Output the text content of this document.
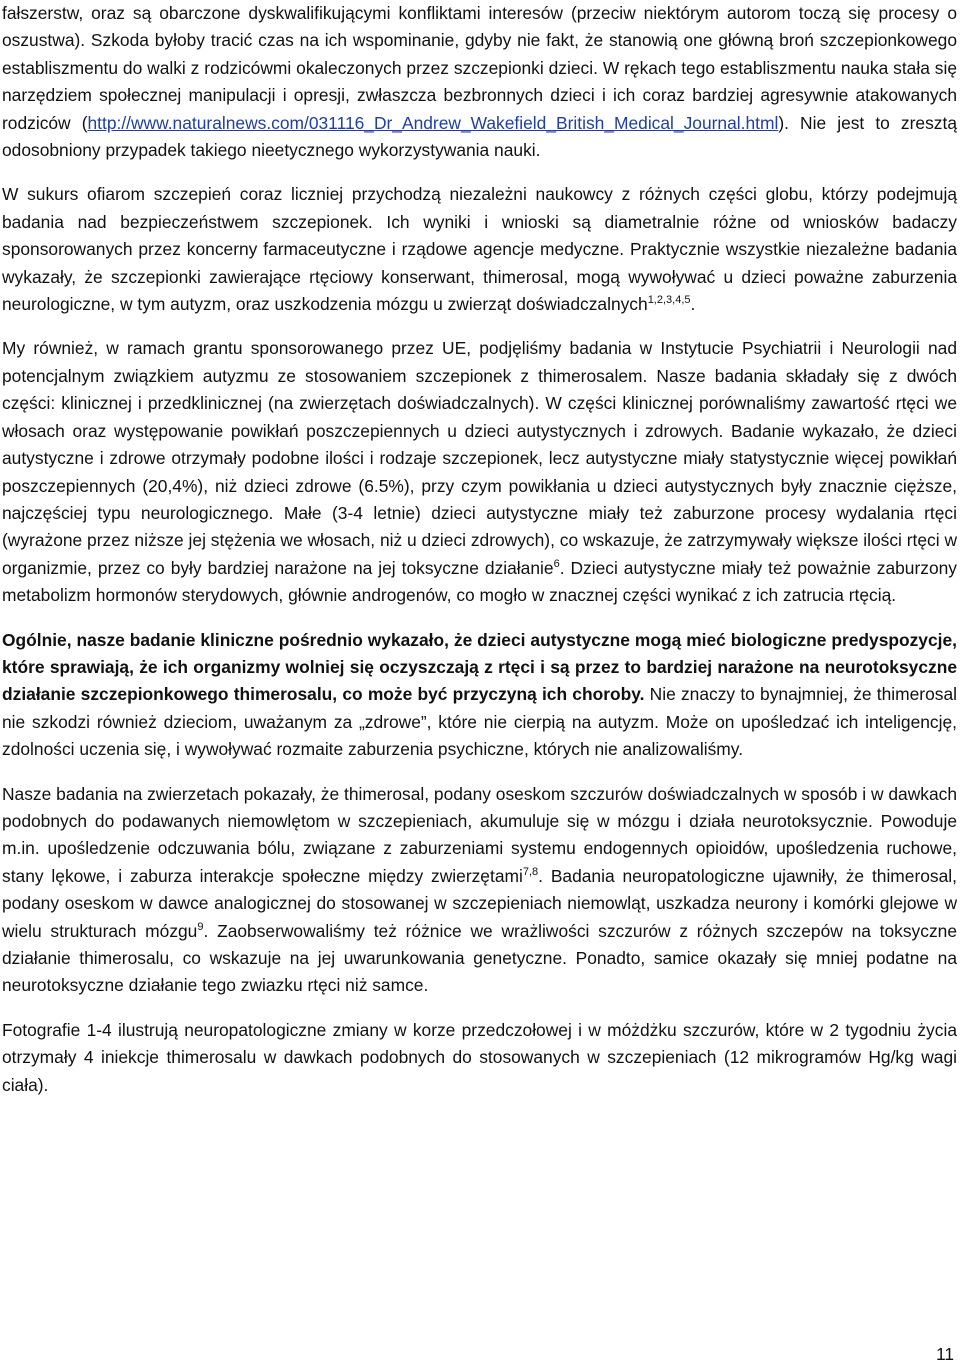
fałszerstw, oraz są obarczone dyskwalifikującymi konfliktami interesów (przeciw niektórym autorom toczą się procesy o oszustwa). Szkoda byłoby tracić czas na ich wspominanie, gdyby nie fakt, że stanowią one główną broń szczepionkowego establiszmentu do walki z rodzicówmi okaleczonych przez szczepionki dzieci. W rękach tego establiszmentu nauka stała się narzędziem społecznej manipulacji i opresji, zwłaszcza bezbronnych dzieci i ich coraz bardziej agresywnie atakowanych rodziców (http://www.naturalnews.com/031116_Dr_Andrew_Wakefield_British_Medical_Journal.html). Nie jest to zresztą odosobniony przypadek takiego nieetycznego wykorzystywania nauki.

W sukurs ofiarom szczepień coraz liczniej przychodzą niezależni naukowcy z różnych części globu, którzy podejmują badania nad bezpieczeństwem szczepionek. Ich wyniki i wnioski są diametralnie różne od wniosków badaczy sponsorowanych przez koncerny farmaceutyczne i rządowe agencje medyczne. Praktycznie wszystkie niezależne badania wykazały, że szczepionki zawierające rtęciowy konserwant, thimerosal, mogą wywoływać u dzieci poważne zaburzenia neurologiczne, w tym autyzm, oraz uszkodzenia mózgu u zwierząt doświadczalnych$^{1,2,3,4,5}$.

My również, w ramach grantu sponsorowanego przez UE, podjęliśmy badania w Instytucie Psychiatrii i Neurologii nad potencjalnym związkiem autyzmu ze stosowaniem szczepionek z thimerosalem. Nasze badania składały się z dwóch części: klinicznej i przedklinicznej (na zwierzętach doświadczalnych). W części klinicznej porównaliśmy zawartość rtęci we włosach oraz występowanie powikłań poszczepiennych u dzieci autystycznych i zdrowych. Badanie wykazało, że dzieci autystyczne i zdrowe otrzymały podobne ilości i rodzaje szczepionek, lecz autystyczne miały statystycznie więcej powikłań poszczepiennych (20,4%), niż dzieci zdrowe (6.5%), przy czym powikłania u dzieci autystycznych były znacznie cięższe, najczęściej typu neurologicznego. Małe (3-4 letnie) dzieci autystyczne miały też zaburzone procesy wydalania rtęci (wyrażone przez niższe jej stężenia we włosach, niż u dzieci zdrowych), co wskazuje, że zatrzymywały większe ilości rtęci w organizmie, przez co były bardziej narażone na jej toksyczne działanie$^6$. Dzieci autystyczne miały też poważnie zaburzony metabolizm hormonów sterydowych, głównie androgenów, co mogło w znacznej części wynikać z ich zatrucia rtęcią.

Ogólnie, nasze badanie kliniczne pośrednio wykazało, że dzieci autystyczne mogą mieć biologiczne predyspozycje, które sprawiają, że ich organizmy wolniej się oczyszczają z rtęci i są przez to bardziej narażone na neurotoksyczne działanie szczepionkowego thimerosalu, co może być przyczyną ich choroby. Nie znaczy to bynajmniej, że thimerosal nie szkodzi również dzieciom, uważanym za „zdrowe”, które nie cierpią na autyzm. Może on upośledzać ich inteligencję, zdolności uczenia się, i wywoływać rozmaite zaburzenia psychiczne, których nie analizowaliśmy.

Nasze badania na zwierzetach pokazały, że thimerosal, podany oseskom szczurów doświadczalnych w sposób i w dawkach podobnych do podawanych niemowlętom w szczepieniach, akumuluje się w mózgu i działa neurotoksycznie. Powoduje m.in. upośledzenie odczuwania bólu, związane z zaburzeniami systemu endogennych opioidów, upośledzenia ruchowe, stany lękowe, i zaburza interakcje społeczne między zwierzętami$^{7,8}$. Badania neuropatologiczne ujawniły, że thimerosal, podany oseskom w dawce analogicznej do stosowanej w szczepieniach niemowląt, uszkadza neurony i komórki glejowe w wielu strukturach mózgu$^9$. Zaobserwowaliśmy też różnice we wrażliwości szczurów z różnych szczepów na toksyczne działanie thimerosalu, co wskazuje na jej uwarunkowania genetyczne. Ponadto, samice okazały się mniej podatne na neurotoksyczne działanie tego zwiazku rtęci niż samce.

Fotografie 1-4 ilustrują neuropatologiczne zmiany w korze przedczołowej i w móżdżku szczurów, które w 2 tygodniu życia otrzymały 4 iniekcje thimerosalu w dawkach podobnych do stosowanych w szczepieniach (12 mikrogramów Hg/kg wagi ciała).

11
